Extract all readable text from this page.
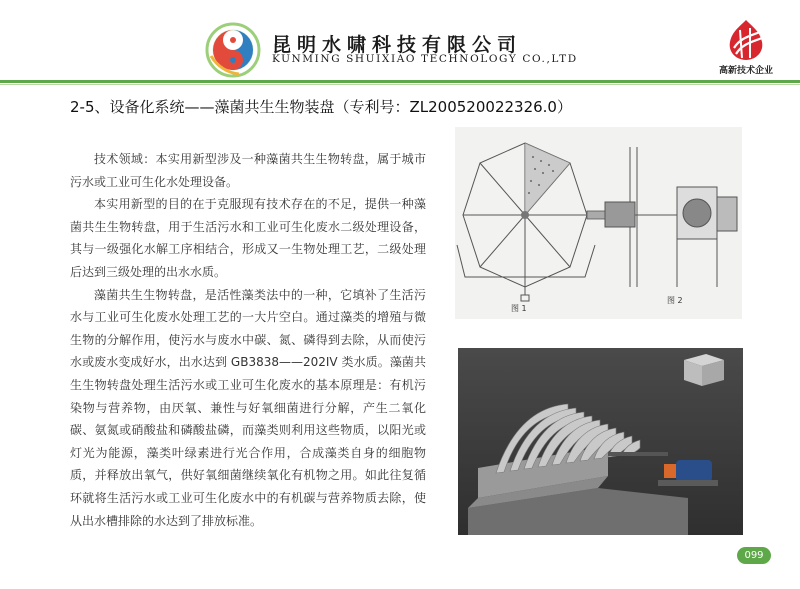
昆明水啸科技有限公司
KUNMING SHUIXIAO TECHNOLOGY CO.,LTD
高新技术企业
2-5、设备化系统——藻菌共生生物装盘（专利号：ZL200520022326.0）

技术领域：本实用新型涉及一种藻菌共生生物转盘，属于城市污水或工业可生化水处理设备。

本实用新型的目的在于克服现有技术存在的不足，提供一种藻菌共生生物转盘，用于生活污水和工业可生化废水二级处理设备，其与一级强化水解工序相结合，形成又一生物处理工艺，二级处理后达到三级处理的出水水质。

藻菌共生生物转盘，是活性藻类法中的一种，它填补了生活污水与工业可生化废水处理工艺的一大片空白。通过藻类的增殖与微生物的分解作用，使污水与废水中碳、氮、磷得到去除，从而使污水或废水变成好水，出水达到 GB3838——202IV 类水质。藻菌共生生物转盘处理生活污水或工业可生化废水的基本原理是：有机污染物与营养物，由厌氧、兼性与好氧细菌进行分解，产生二氧化碳、氨氮或硝酸盐和磷酸盐磷，而藻类则利用这些物质，以阳光或灯光为能源，藻类叶绿素进行光合作用，合成藻类自身的细胞物质，并释放出氧气，供好氧细菌继续氧化有机物之用。如此往复循环就将生活污水或工业可生化废水中的有机碳与营养物质去除，使从出水槽排除的水达到了排放标准。

图 1
图 2
099
